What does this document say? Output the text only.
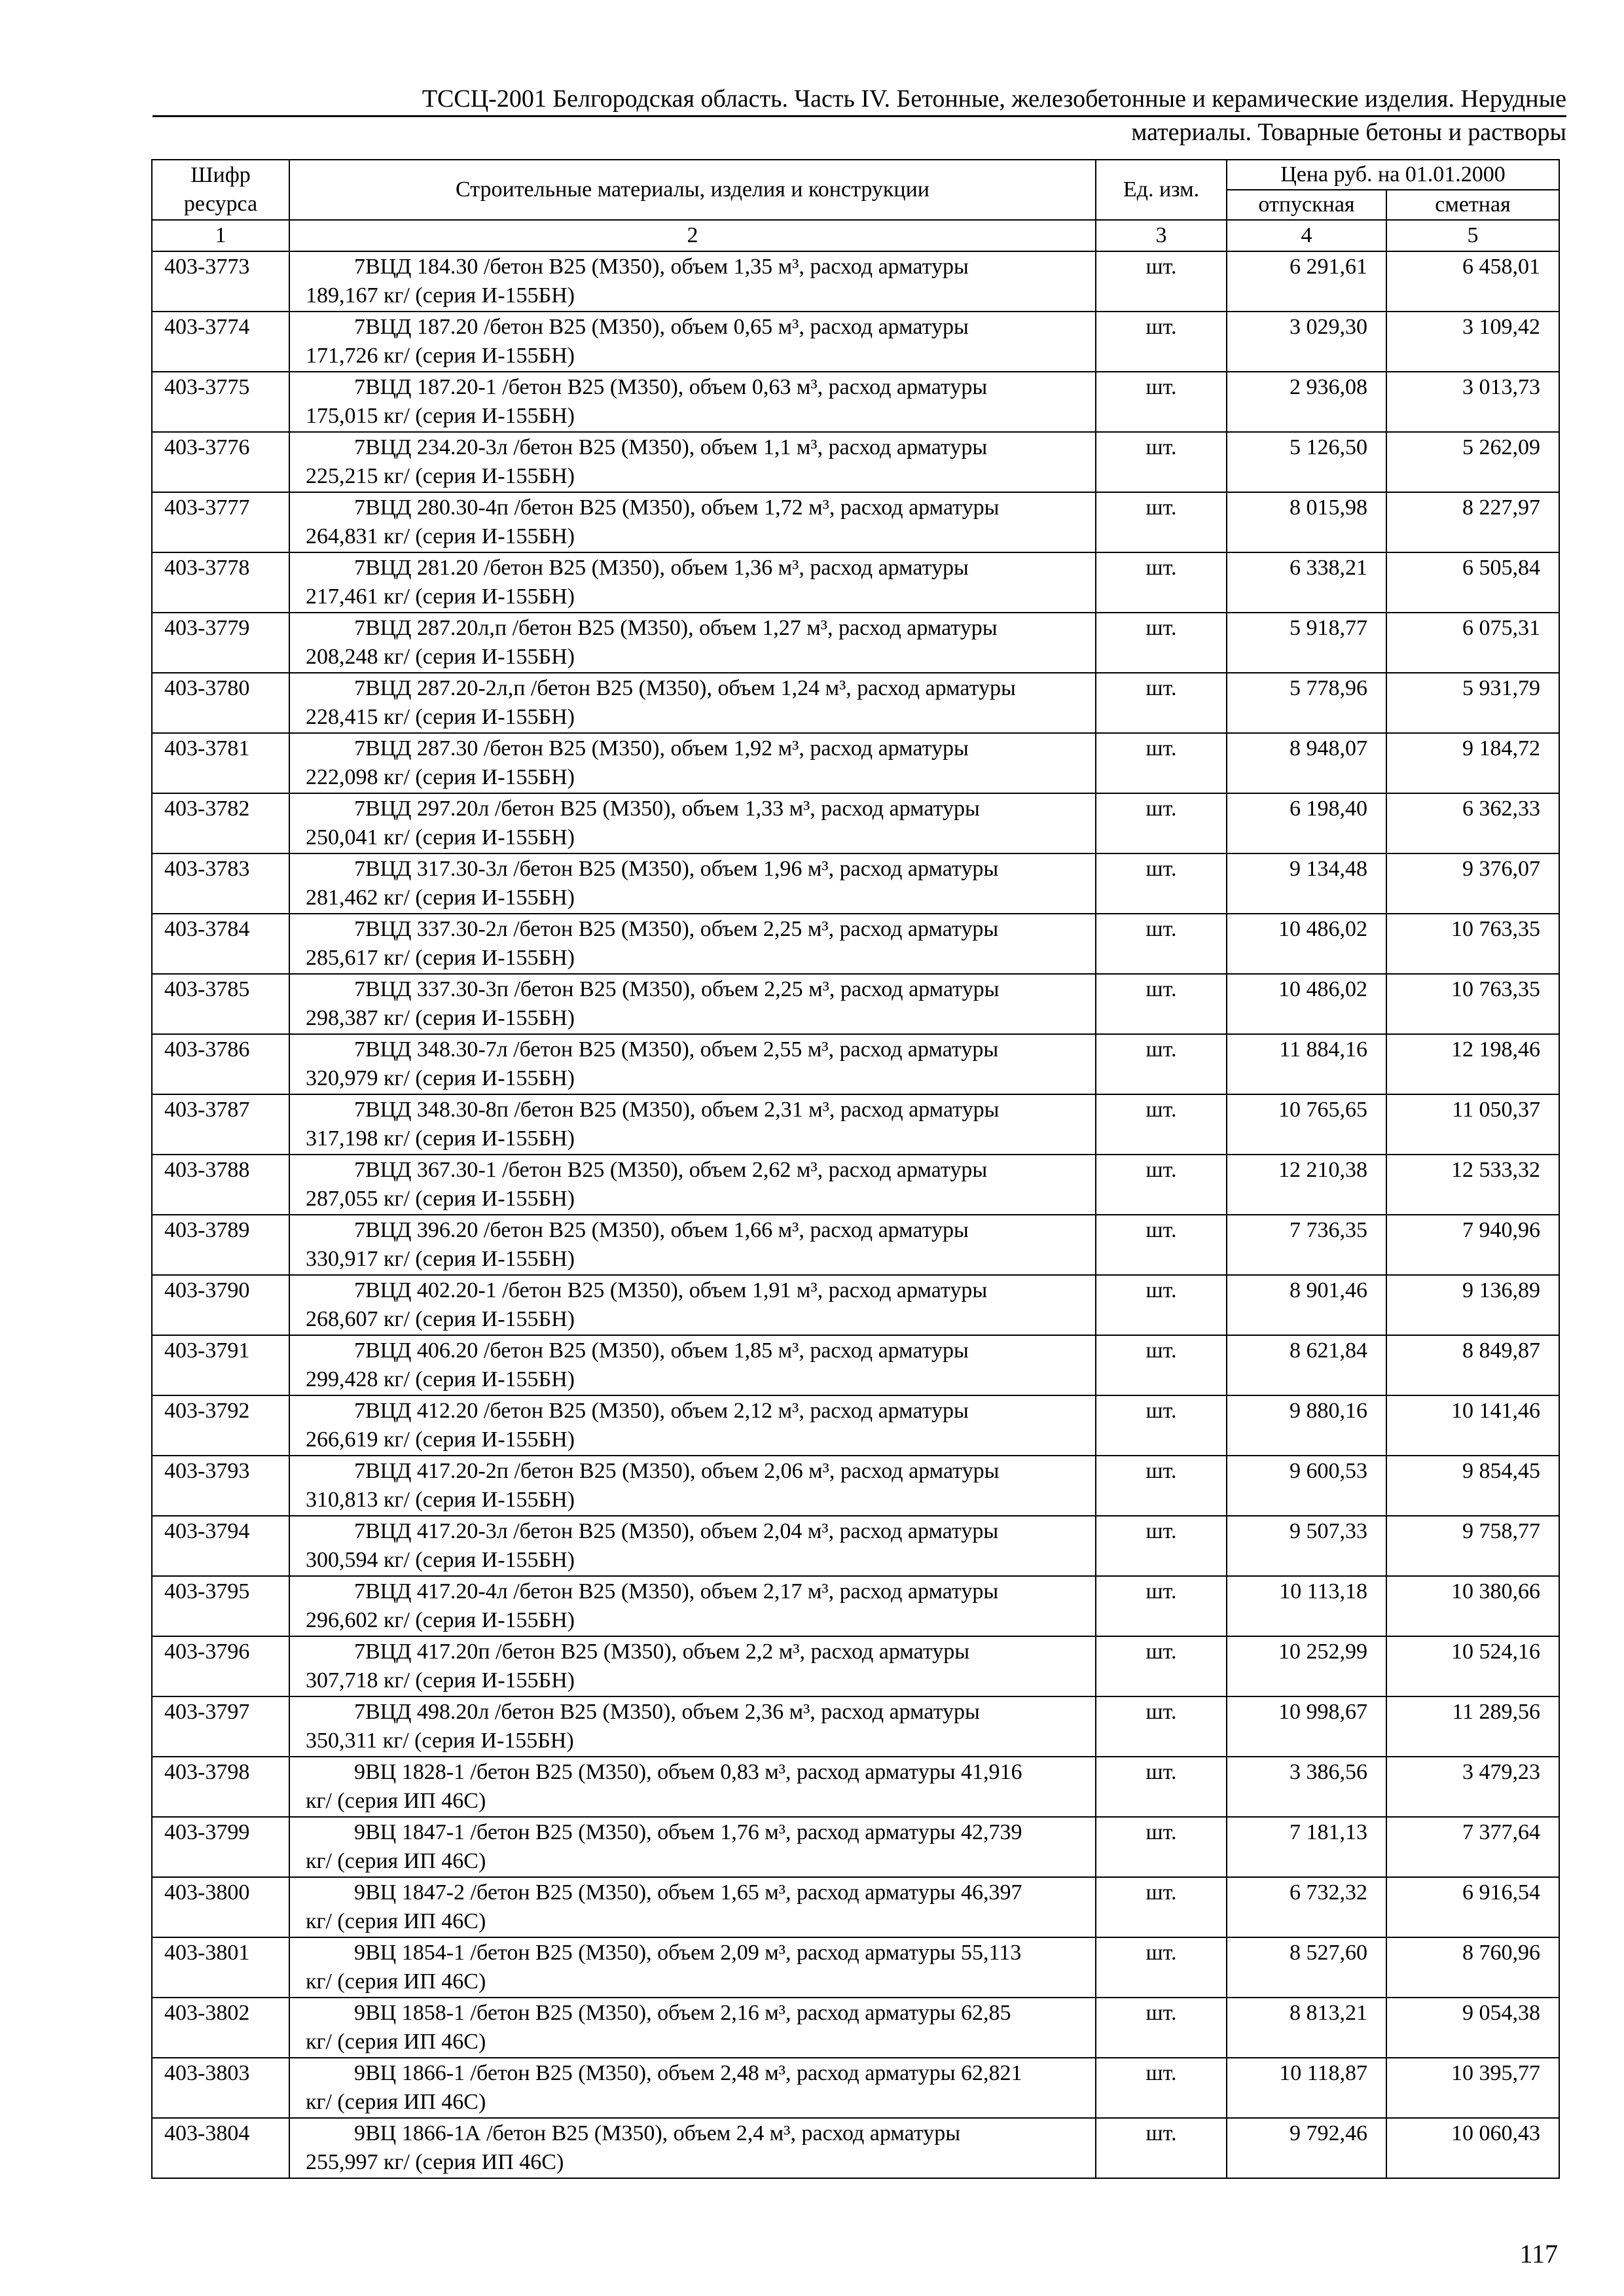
ТССЦ-2001 Белгородская область. Часть IV. Бетонные, железобетонные и керамические изделия. Нерудные
материалы. Товарные бетоны и растворы
Шифр ресурса	Строительные материалы, изделия и конструкции	Ед. изм.	Цена руб. на 01.01.2000	
			отпускная	сметная
1	2	3	4	5
403-3773	7ВЦД 184.30 /бетон B25 (М350), объем 1,35 м³, расход арматуры
189,167 кг/ (серия И-155БН)	шт.	6 291,61	6 458,01
403-3774	7ВЦД 187.20 /бетон B25 (М350), объем 0,65 м³, расход арматуры
171,726 кг/ (серия И-155БН)	шт.	3 029,30	3 109,42
403-3775	7ВЦД 187.20-1 /бетон B25 (М350), объем 0,63 м³, расход арматуры
175,015 кг/ (серия И-155БН)	шт.	2 936,08	3 013,73
403-3776	7ВЦД 234.20-3л /бетон B25 (М350), объем 1,1 м³, расход арматуры
225,215 кг/ (серия И-155БН)	шт.	5 126,50	5 262,09
403-3777	7ВЦД 280.30-4п /бетон B25 (М350), объем 1,72 м³, расход арматуры
264,831 кг/ (серия И-155БН)	шт.	8 015,98	8 227,97
403-3778	7ВЦД 281.20 /бетон B25 (М350), объем 1,36 м³, расход арматуры
217,461 кг/ (серия И-155БН)	шт.	6 338,21	6 505,84
403-3779	7ВЦД 287.20л,п /бетон B25 (М350), объем 1,27 м³, расход арматуры
208,248 кг/ (серия И-155БН)	шт.	5 918,77	6 075,31
403-3780	7ВЦД 287.20-2л,п /бетон B25 (М350), объем 1,24 м³, расход арматуры
228,415 кг/ (серия И-155БН)	шт.	5 778,96	5 931,79
403-3781	7ВЦД 287.30 /бетон B25 (М350), объем 1,92 м³, расход арматуры
222,098 кг/ (серия И-155БН)	шт.	8 948,07	9 184,72
403-3782	7ВЦД 297.20л /бетон B25 (М350), объем 1,33 м³, расход арматуры
250,041 кг/ (серия И-155БН)	шт.	6 198,40	6 362,33
403-3783	7ВЦД 317.30-3л /бетон B25 (М350), объем 1,96 м³, расход арматуры
281,462 кг/ (серия И-155БН)	шт.	9 134,48	9 376,07
403-3784	7ВЦД 337.30-2л /бетон B25 (М350), объем 2,25 м³, расход арматуры
285,617 кг/ (серия И-155БН)	шт.	10 486,02	10 763,35
403-3785	7ВЦД 337.30-3п /бетон B25 (М350), объем 2,25 м³, расход арматуры
298,387 кг/ (серия И-155БН)	шт.	10 486,02	10 763,35
403-3786	7ВЦД 348.30-7л /бетон B25 (М350), объем 2,55 м³, расход арматуры
320,979 кг/ (серия И-155БН)	шт.	11 884,16	12 198,46
403-3787	7ВЦД 348.30-8п /бетон B25 (М350), объем 2,31 м³, расход арматуры
317,198 кг/ (серия И-155БН)	шт.	10 765,65	11 050,37
403-3788	7ВЦД 367.30-1 /бетон B25 (М350), объем 2,62 м³, расход арматуры
287,055 кг/ (серия И-155БН)	шт.	12 210,38	12 533,32
403-3789	7ВЦД 396.20 /бетон B25 (М350), объем 1,66 м³, расход арматуры
330,917 кг/ (серия И-155БН)	шт.	7 736,35	7 940,96
403-3790	7ВЦД 402.20-1 /бетон B25 (М350), объем 1,91 м³, расход арматуры
268,607 кг/ (серия И-155БН)	шт.	8 901,46	9 136,89
403-3791	7ВЦД 406.20 /бетон B25 (М350), объем 1,85 м³, расход арматуры
299,428 кг/ (серия И-155БН)	шт.	8 621,84	8 849,87
403-3792	7ВЦД 412.20 /бетон B25 (М350), объем 2,12 м³, расход арматуры
266,619 кг/ (серия И-155БН)	шт.	9 880,16	10 141,46
403-3793	7ВЦД 417.20-2п /бетон B25 (М350), объем 2,06 м³, расход арматуры
310,813 кг/ (серия И-155БН)	шт.	9 600,53	9 854,45
403-3794	7ВЦД 417.20-3л /бетон B25 (М350), объем 2,04 м³, расход арматуры
300,594 кг/ (серия И-155БН)	шт.	9 507,33	9 758,77
403-3795	7ВЦД 417.20-4л /бетон B25 (М350), объем 2,17 м³, расход арматуры
296,602 кг/ (серия И-155БН)	шт.	10 113,18	10 380,66
403-3796	7ВЦД 417.20п /бетон B25 (М350), объем 2,2 м³, расход арматуры
307,718 кг/ (серия И-155БН)	шт.	10 252,99	10 524,16
403-3797	7ВЦД 498.20л /бетон B25 (М350), объем 2,36 м³, расход арматуры
350,311 кг/ (серия И-155БН)	шт.	10 998,67	11 289,56
403-3798	9ВЦ 1828-1 /бетон B25 (М350), объем 0,83 м³, расход арматуры 41,916
кг/ (серия ИП 46С)	шт.	3 386,56	3 479,23
403-3799	9ВЦ 1847-1 /бетон B25 (М350), объем 1,76 м³, расход арматуры 42,739
кг/ (серия ИП 46С)	шт.	7 181,13	7 377,64
403-3800	9ВЦ 1847-2 /бетон B25 (М350), объем 1,65 м³, расход арматуры 46,397
кг/ (серия ИП 46С)	шт.	6 732,32	6 916,54
403-3801	9ВЦ 1854-1 /бетон B25 (М350), объем 2,09 м³, расход арматуры 55,113
кг/ (серия ИП 46С)	шт.	8 527,60	8 760,96
403-3802	9ВЦ 1858-1 /бетон B25 (М350), объем 2,16 м³, расход арматуры 62,85
кг/ (серия ИП 46С)	шт.	8 813,21	9 054,38
403-3803	9ВЦ 1866-1 /бетон B25 (М350), объем 2,48 м³, расход арматуры 62,821
кг/ (серия ИП 46С)	шт.	10 118,87	10 395,77
403-3804	9ВЦ 1866-1А /бетон B25 (М350), объем 2,4 м³, расход арматуры
255,997 кг/ (серия ИП 46С)	шт.	9 792,46	10 060,43
117
